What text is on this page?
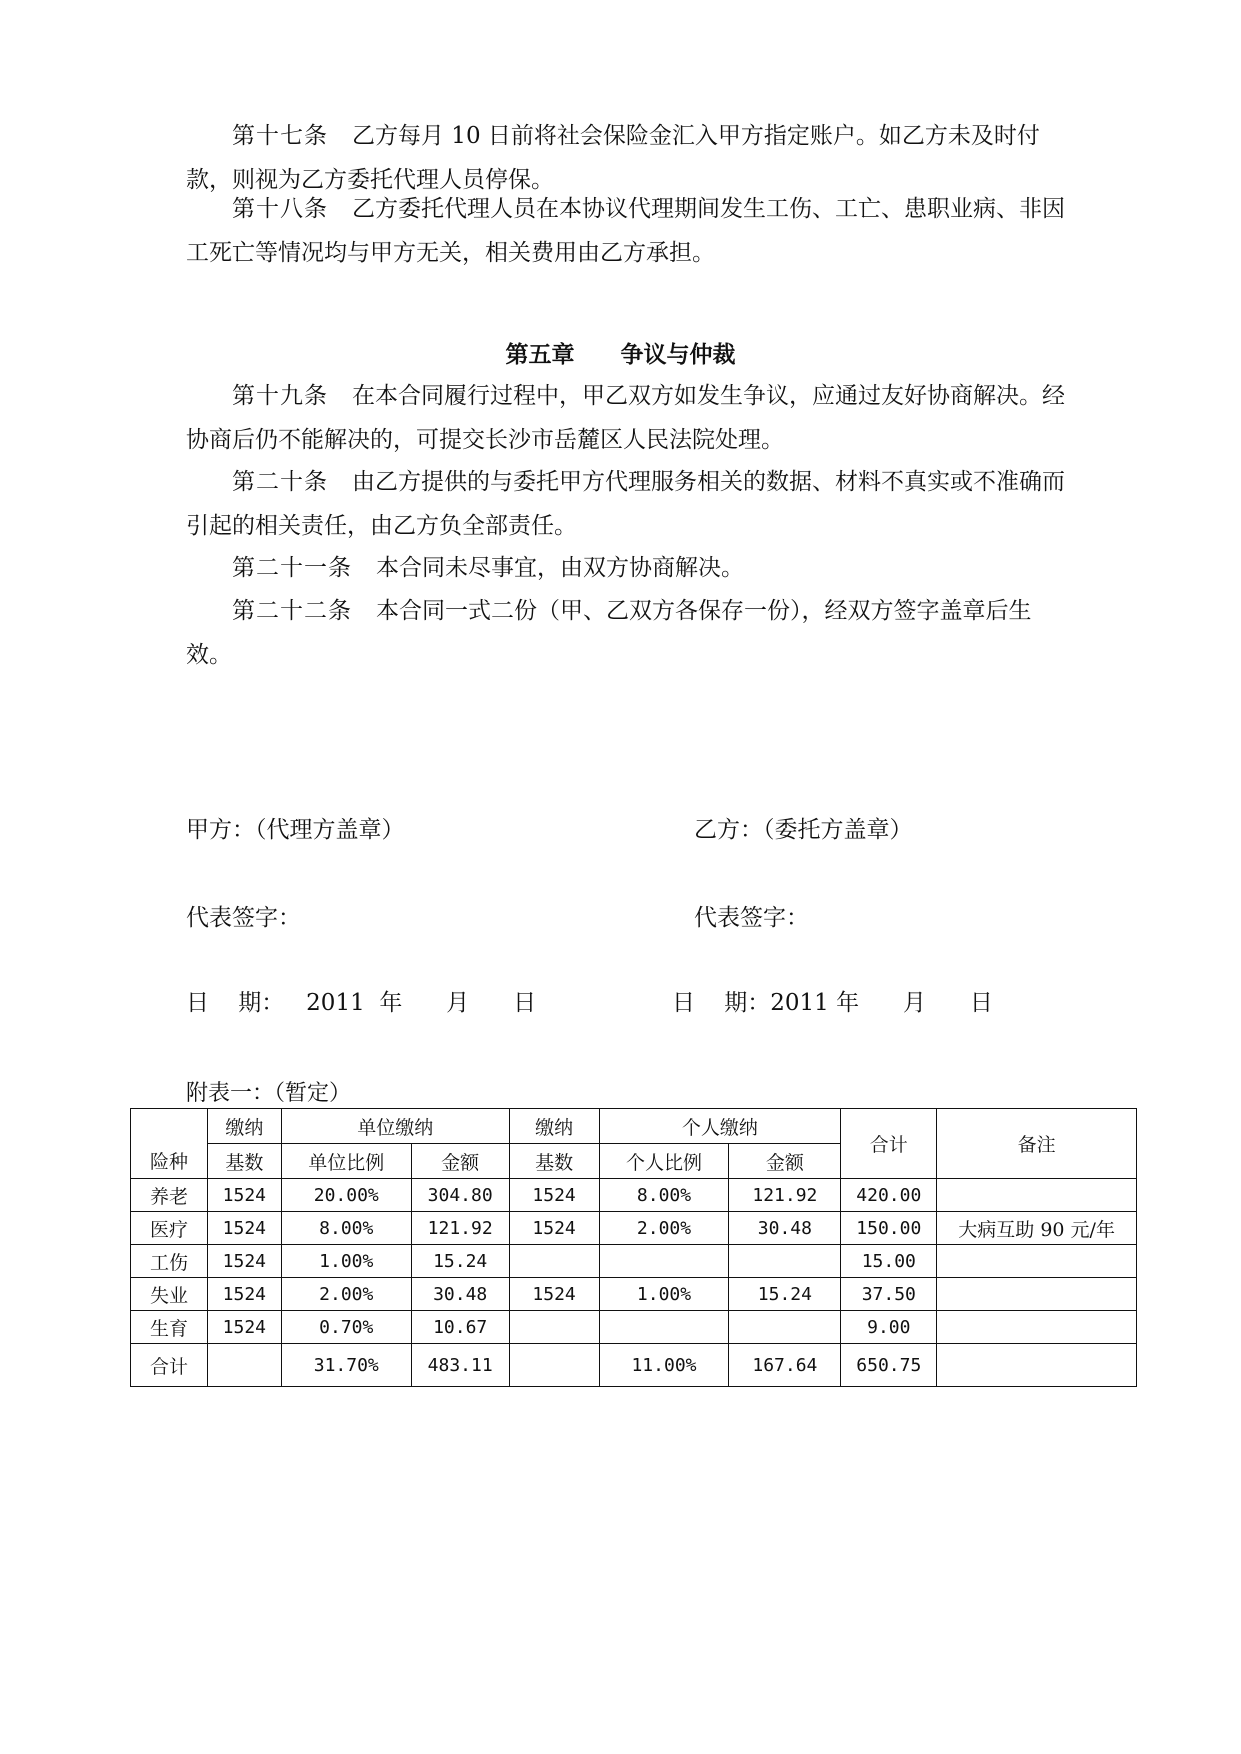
第十七条 乙方每月 10 日前将社会保险金汇入甲方指定账户。如乙方未及时付款，则视为乙方委托代理人员停保。

第十八条 乙方委托代理人员在本协议代理期间发生工伤、工亡、患职业病、非因工死亡等情况均与甲方无关，相关费用由乙方承担。

第五章 争议与仲裁

第十九条 在本合同履行过程中，甲乙双方如发生争议，应通过友好协商解决。经协商后仍不能解决的，可提交长沙市岳麓区人民法院处理。

第二十条 由乙方提供的与委托甲方代理服务相关的数据、材料不真实或不准确而引起的相关责任，由乙方负全部责任。

第二十一条 本合同未尽事宜，由双方协商解决。

第二十二条 本合同一式二份（甲、乙双方各保存一份），经双方签字盖章后生效。

甲方：（代理方盖章）	乙方：（委托方盖章）
代表签字：	代表签字：
日    期：   2011  年      月      日	日    期：2011 年      月      日
附表一：（暂定）
险种	缴纳	单位缴纳		缴纳	个人缴纳		合计	备注
	基数	单位比例	金额	基数	个人比例	金额		
养老	1524	20.00%	304.80	1524	8.00%	121.92	420.00	
医疗	1524	8.00%	121.92	1524	2.00%	30.48	150.00	大病互助 90 元/年
工伤	1524	1.00%	15.24				15.00	
失业	1524	2.00%	30.48	1524	1.00%	15.24	37.50	
生育	1524	0.70%	10.67				9.00	
合计		31.70%	483.11		11.00%	167.64	650.75	
